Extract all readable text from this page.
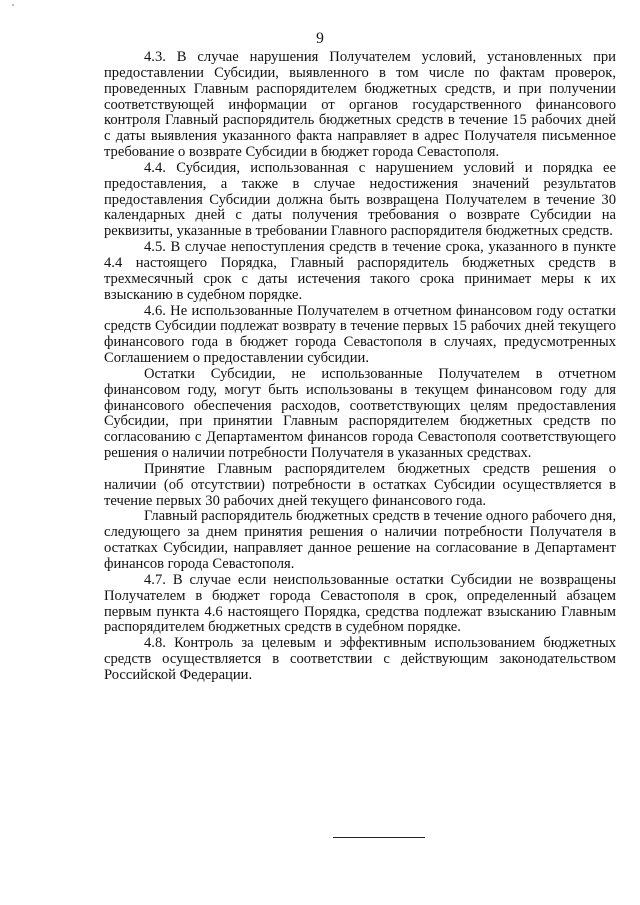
9

4.3. В случае нарушения Получателем условий, установленных при предоставлении Субсидии, выявленного в том числе по фактам проверок, проведенных Главным распорядителем бюджетных средств, и при получении соответствующей информации от органов государственного финансового контроля Главный распорядитель бюджетных средств в течение 15 рабочих дней с даты выявления указанного факта направляет в адрес Получателя письменное требование о возврате Субсидии в бюджет города Севастополя.

4.4. Субсидия, использованная с нарушением условий и порядка ее предоставления, а также в случае недостижения значений результатов предоставления Субсидии должна быть возвращена Получателем в течение 30 календарных дней с даты получения требования о возврате Субсидии на реквизиты, указанные в требовании Главного распорядителя бюджетных средств.

4.5. В случае непоступления средств в течение срока, указанного в пункте 4.4 настоящего Порядка, Главный распорядитель бюджетных средств в трехмесячный срок с даты истечения такого срока принимает меры к их взысканию в судебном порядке.

4.6. Не использованные Получателем в отчетном финансовом году остатки средств Субсидии подлежат возврату в течение первых 15 рабочих дней текущего финансового года в бюджет города Севастополя в случаях, предусмотренных Соглашением о предоставлении субсидии.

Остатки Субсидии, не использованные Получателем в отчетном финансовом году, могут быть использованы в текущем финансовом году для финансового обеспечения расходов, соответствующих целям предоставления Субсидии, при принятии Главным распорядителем бюджетных средств по согласованию с Департаментом финансов города Севастополя соответствующего решения о наличии потребности Получателя в указанных средствах.

Принятие Главным распорядителем бюджетных средств решения о наличии (об отсутствии) потребности в остатках Субсидии осуществляется в течение первых 30 рабочих дней текущего финансового года.

Главный распорядитель бюджетных средств в течение одного рабочего дня, следующего за днем принятия решения о наличии потребности Получателя в остатках Субсидии, направляет данное решение на согласование в Департамент финансов города Севастополя.

4.7. В случае если неиспользованные остатки Субсидии не возвращены Получателем в бюджет города Севастополя в срок, определенный абзацем первым пункта 4.6 настоящего Порядка, средства подлежат взысканию Главным распорядителем бюджетных средств в судебном порядке.

4.8. Контроль за целевым и эффективным использованием бюджетных средств осуществляется в соответствии с действующим законодательством Российской Федерации.
